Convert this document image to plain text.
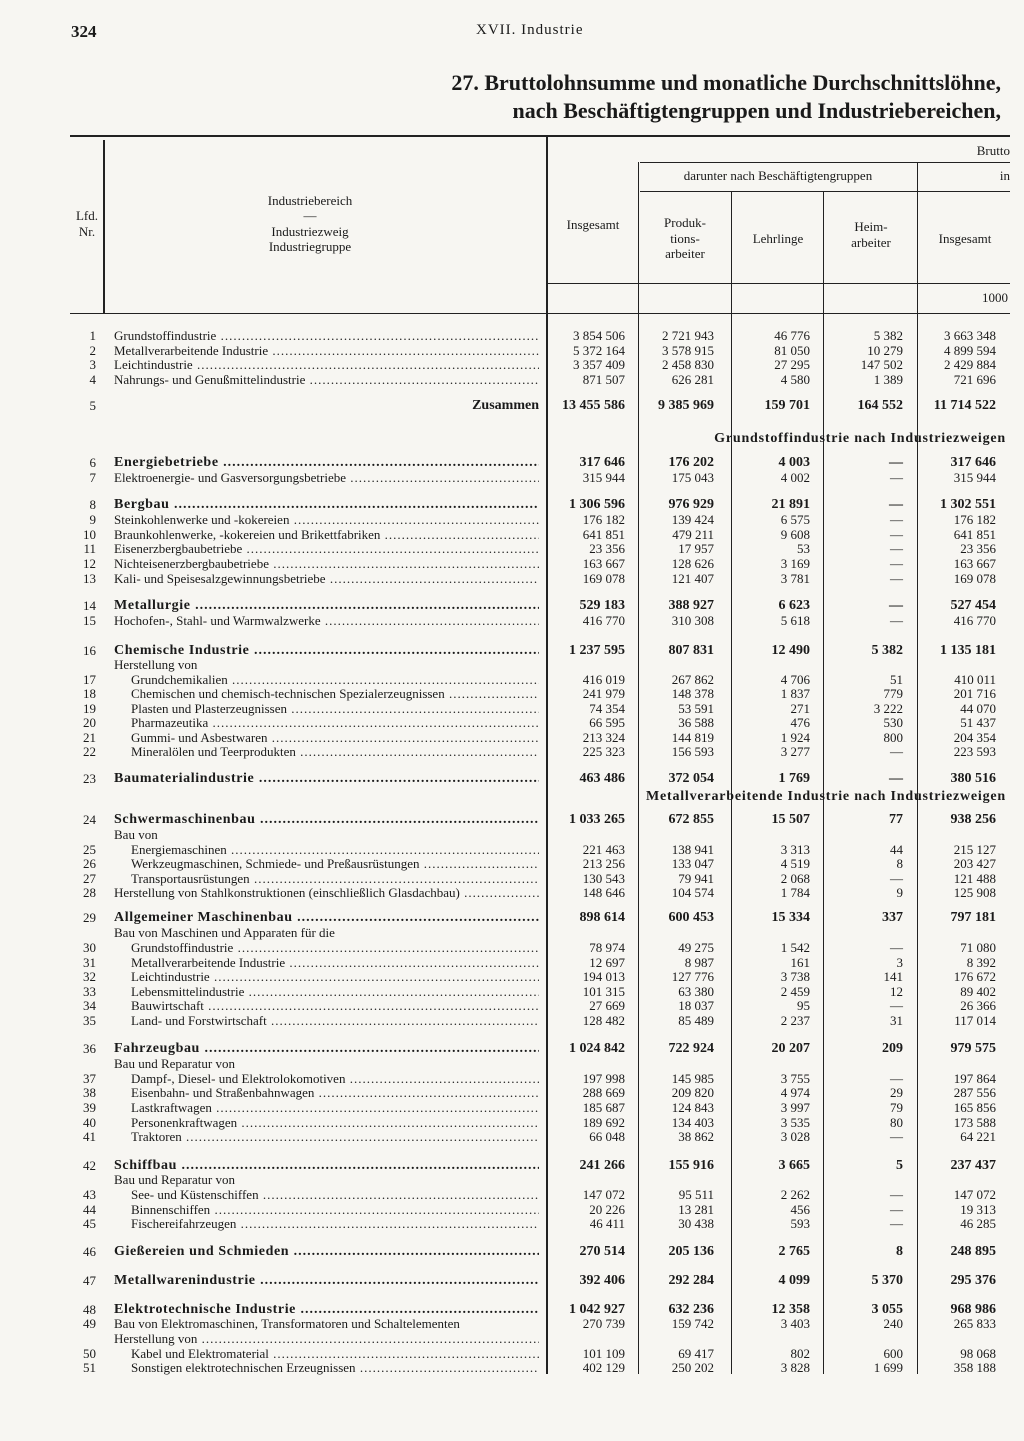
324	XVII. Industrie
27. Bruttolohnsumme und monatliche Durchschnittslöhne,
nach Beschäftigtengruppen und Industriebereichen,
Lfd.
Nr.
Industriebereich
—
Industriezweig
Industriegruppe
Brutto
darunter nach Beschäftigtengruppen	in
Insgesamt	Produk-
tions-
arbeiter
Lehrlinge
Heim-
arbeiter	Insgesamt
1000
Grundstoffindustrie nach Industriezweigen
Metallverarbeitende Industrie nach Industriezweigen
1 Grundstoffindustrie .....	3 854 506	2 721 943	46 776	5 382	3 663 348
2 Metallverarbeitende Industrie .....	5 372 164	3 578 915	81 050	10 279	4 899 594
3 Leichtindustrie .....	3 357 409	2 458 830	27 295	147 502	2 429 884
4 Nahrungs- und Genußmittelindustrie .....	871 507	626 281	4 580	1 389	721 696
5	Zusammen	13 455 586	9 385 969	159 701	164 552	11 714 522
6 Energiebetriebe .....	317 646	176 202	4 003	—	317 646
7 Elektroenergie- und Gasversorgungsbetriebe .....	315 944	175 043	4 002	—	315 944
8 Bergbau .....	1 306 596	976 929	21 891	—	1 302 551
9 Steinkohlenwerke und -kokereien .....	176 182	139 424	6 575	—	176 182
10 Braunkohlenwerke, -kokereien und Brikettfabriken .....	641 851	479 211	9 608	—	641 851
11 Eisenerzbergbaubetriebe .....	23 356	17 957	53	—	23 356
12 Nichteisenerzbergbaubetriebe .....	163 667	128 626	3 169	—	163 667
13 Kali- und Speisesalzgewinnungsbetriebe .....	169 078	121 407	3 781	—	169 078
14 Metallurgie .....	529 183	388 927	6 623	—	527 454
15 Hochofen-, Stahl- und Warmwalzwerke .....	416 770	310 308	5 618	—	416 770
16 Chemische Industrie .....	1 237 595	807 831	12 490	5 382	1 135 181
Herstellung von
17	Grundchemikalien .....	416 019	267 862	4 706	51	410 011
18	Chemischen und chemisch-technischen Spezialerzeugnissen .....	241 979	148 378	1 837	779	201 716
19	Plasten und Plasterzeugnissen .....	74 354	53 591	271	3 222	44 070
20	Pharmazeutika .....	66 595	36 588	476	530	51 437
21	Gummi- und Asbestwaren .....	213 324	144 819	1 924	800	204 354
22	Mineralölen und Teerprodukten .....	225 323	156 593	3 277	—	223 593
23 Baumaterialindustrie .....	463 486	372 054	1 769	—	380 516
24 Schwermaschinenbau .....	1 033 265	672 855	15 507	77	938 256
Bau von
25	Energiemaschinen .....	221 463	138 941	3 313	44	215 127
26	Werkzeugmaschinen, Schmiede- und Preßausrüstungen .....	213 256	133 047	4 519	8	203 427
27	Transportausrüstungen .....	130 543	79 941	2 068	—	121 488
28 Herstellung von Stahlkonstruktionen (einschließlich Glasdachbau) .....	148 646	104 574	1 784	9	125 908
29 Allgemeiner Maschinenbau .....	898 614	600 453	15 334	337	797 181
Bau von Maschinen und Apparaten für die
30	Grundstoffindustrie .....	78 974	49 275	1 542	—	71 080
31	Metallverarbeitende Industrie .....	12 697	8 987	161	3	8 392
32	Leichtindustrie .....	194 013	127 776	3 738	141	176 672
33	Lebensmittelindustrie .....	101 315	63 380	2 459	12	89 402
34	Bauwirtschaft .....	27 669	18 037	95	—	26 366
35	Land- und Forstwirtschaft .....	128 482	85 489	2 237	31	117 014
36 Fahrzeugbau .....	1 024 842	722 924	20 207	209	979 575
Bau und Reparatur von
37	Dampf-, Diesel- und Elektrolokomotiven .....	197 998	145 985	3 755	—	197 864
38	Eisenbahn- und Straßenbahnwagen .....	288 669	209 820	4 974	29	287 556
39	Lastkraftwagen .....	185 687	124 843	3 997	79	165 856
40	Personenkraftwagen .....	189 692	134 403	3 535	80	173 588
41	Traktoren .....	66 048	38 862	3 028	—	64 221
42 Schiffbau .....	241 266	155 916	3 665	5	237 437
Bau und Reparatur von
43	See- und Küstenschiffen .....	147 072	95 511	2 262	—	147 072
44	Binnenschiffen .....	20 226	13 281	456	—	19 313
45	Fischereifahrzeugen .....	46 411	30 438	593	—	46 285
46 Gießereien und Schmieden .....	270 514	205 136	2 765	8	248 895
47 Metallwarenindustrie .....	392 406	292 284	4 099	5 370	295 376
48 Elektrotechnische Industrie .....	1 042 927	632 236	12 358	3 055	968 986
49 Bau von Elektromaschinen, Transformatoren und Schaltelementen	270 739	159 742	3 403	240	265 833
Herstellung von .....
50	Kabel und Elektromaterial .....	101 109	69 417	802	600	98 068
51	Sonstigen elektrotechnischen Erzeugnissen .....	402 129	250 202	3 828	1 699	358 188
